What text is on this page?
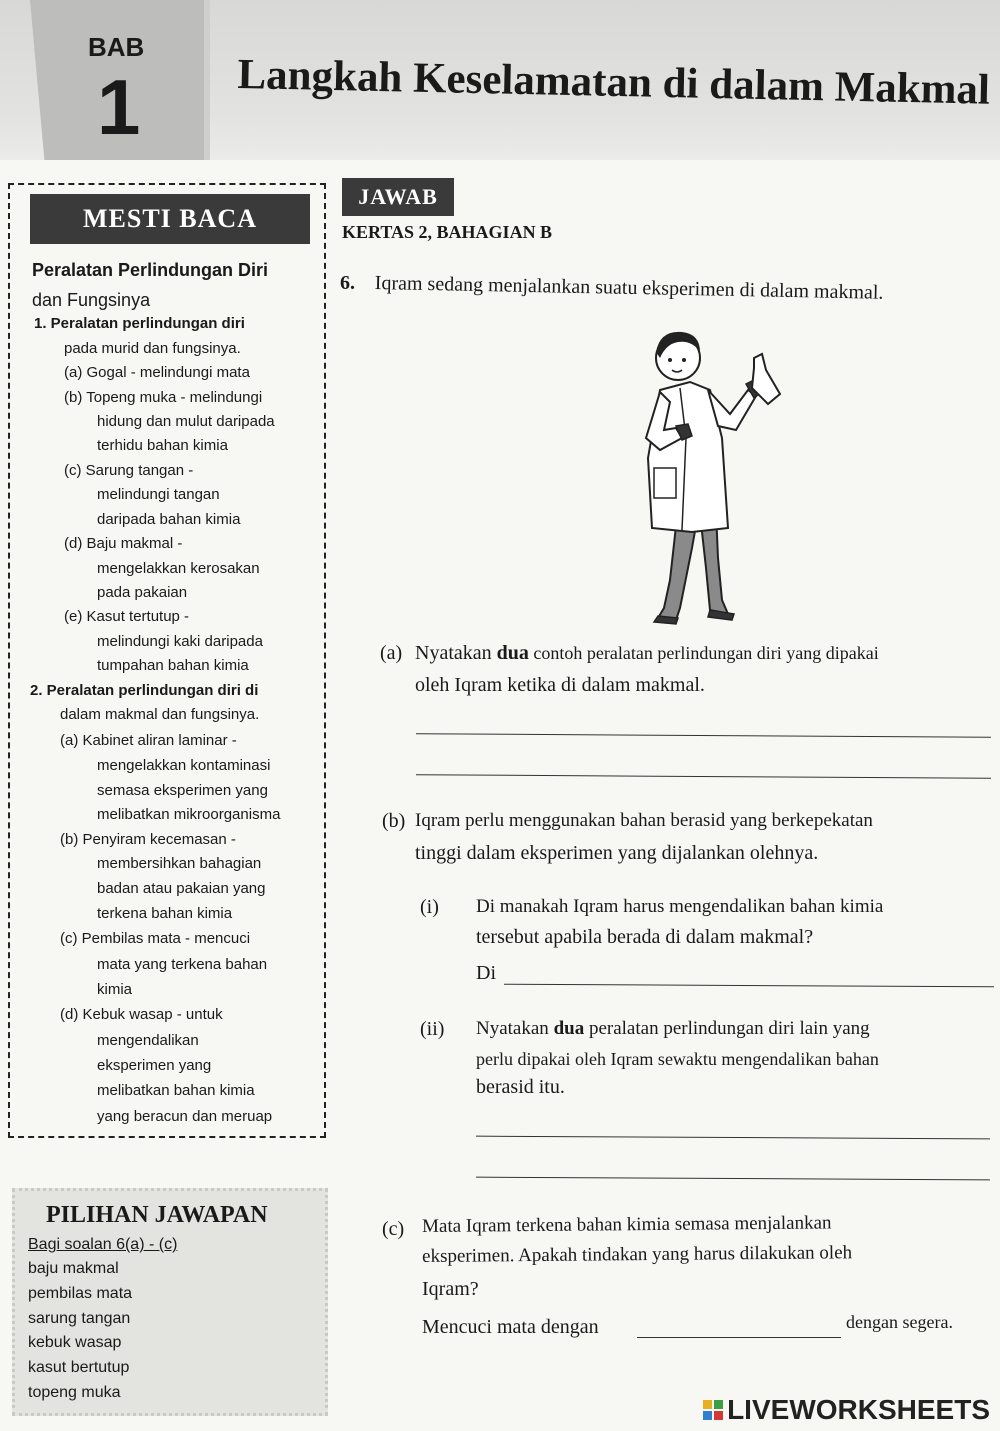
BAB
1 Langkah Keselamatan di dalam Makmal
MESTI BACA
Peralatan Perlindungan Diri
dan Fungsinya
1. Peralatan perlindungan diri
pada murid dan fungsinya.
(a) Gogal - melindungi mata
(b) Topeng muka - melindungi
hidung dan mulut daripada
terhidu bahan kimia
(c) Sarung tangan -
melindungi tangan
daripada bahan kimia
(d) Baju makmal -
mengelakkan kerosakan
pada pakaian
(e) Kasut tertutup -
melindungi kaki daripada
tumpahan bahan kimia
2. Peralatan perlindungan diri di
dalam makmal dan fungsinya.
(a) Kabinet aliran laminar -
mengelakkan kontaminasi
semasa eksperimen yang
melibatkan mikroorganisma
(b) Penyiram kecemasan -
membersihkan bahagian
badan atau pakaian yang
terkena bahan kimia
(c) Pembilas mata - mencuci
mata yang terkena bahan
kimia
(d) Kebuk wasap - untuk
mengendalikan
eksperimen yang
melibatkan bahan kimia
yang beracun dan meruap
JAWAB
KERTAS 2, BAHAGIAN B
6. Iqram sedang menjalankan suatu eksperimen di dalam makmal.
(a) Nyatakan dua contoh peralatan perlindungan diri yang dipakai
oleh Iqram ketika di dalam makmal.
(b) Iqram perlu menggunakan bahan berasid yang berkepekatan
tinggi dalam eksperimen yang dijalankan olehnya.
(i) Di manakah Iqram harus mengendalikan bahan kimia
tersebut apabila berada di dalam makmal?
Di
(ii) Nyatakan dua peralatan perlindungan diri lain yang
perlu dipakai oleh Iqram sewaktu mengendalikan bahan
berasid itu.
(c) Mata Iqram terkena bahan kimia semasa menjalankan
eksperimen. Apakah tindakan yang harus dilakukan oleh
Iqram?
Mencuci mata dengan	dengan segera.
PILIHAN JAWAPAN
Bagi soalan 6(a) - (c)
baju makmal
pembilas mata
sarung tangan
kebuk wasap
kasut bertutup
topeng muka
LIVEWORKSHEETS
